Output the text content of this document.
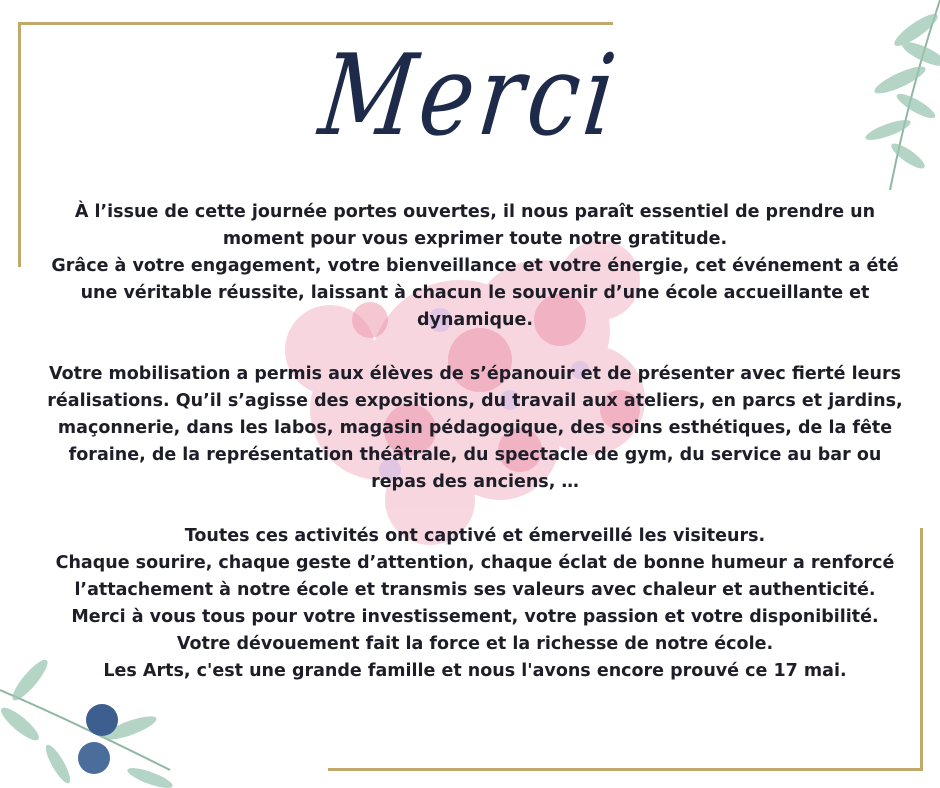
Merci

À l’issue de cette journée portes ouvertes, il nous paraît essentiel de prendre un moment pour vous exprimer toute notre gratitude.

Grâce à votre engagement, votre bienveillance et votre énergie, cet événement a été une véritable réussite, laissant à chacun le souvenir d’une école accueillante et dynamique.

Votre mobilisation a permis aux élèves de s’épanouir et de présenter avec fierté leurs réalisations. Qu’il s’agisse des expositions, du travail aux ateliers, en parcs et jardins, maçonnerie, dans les labos, magasin pédagogique, des soins esthétiques, de la fête foraine, de la représentation théâtrale, du spectacle de gym, du service au bar ou repas des anciens, …

Toutes ces activités ont captivé et émerveillé les visiteurs.

Chaque sourire, chaque geste d’attention, chaque éclat de bonne humeur a renforcé l’attachement à notre école et transmis ses valeurs avec chaleur et authenticité.

Merci à vous tous pour votre investissement, votre passion et votre disponibilité.

Votre dévouement fait la force et la richesse de notre école.

Les Arts, c'est une grande famille et nous l'avons encore prouvé ce 17 mai.
